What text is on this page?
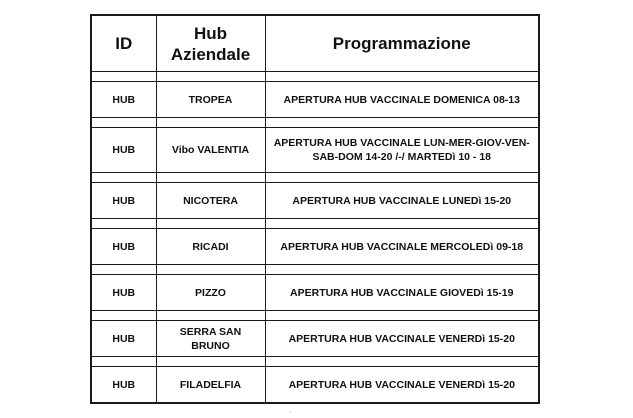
ID	Hub Aziendale	Programmazione

HUB	TROPEA	APERTURA HUB VACCINALE DOMENICA 08-13

HUB	Vibo VALENTIA	APERTURA HUB VACCINALE LUN-MER-GIOV-VEN-SAB-DOM 14-20 /-/ MARTEDì 10 - 18

HUB	NICOTERA	APERTURA HUB VACCINALE LUNEDì 15-20

HUB	RICADI	APERTURA HUB VACCINALE MERCOLEDì 09-18

HUB	PIZZO	APERTURA HUB VACCINALE GIOVEDì 15-19

HUB	SERRA SAN BRUNO	APERTURA HUB VACCINALE VENERDì 15-20

HUB	FILADELFIA	APERTURA HUB VACCINALE VENERDì 15-20
·
